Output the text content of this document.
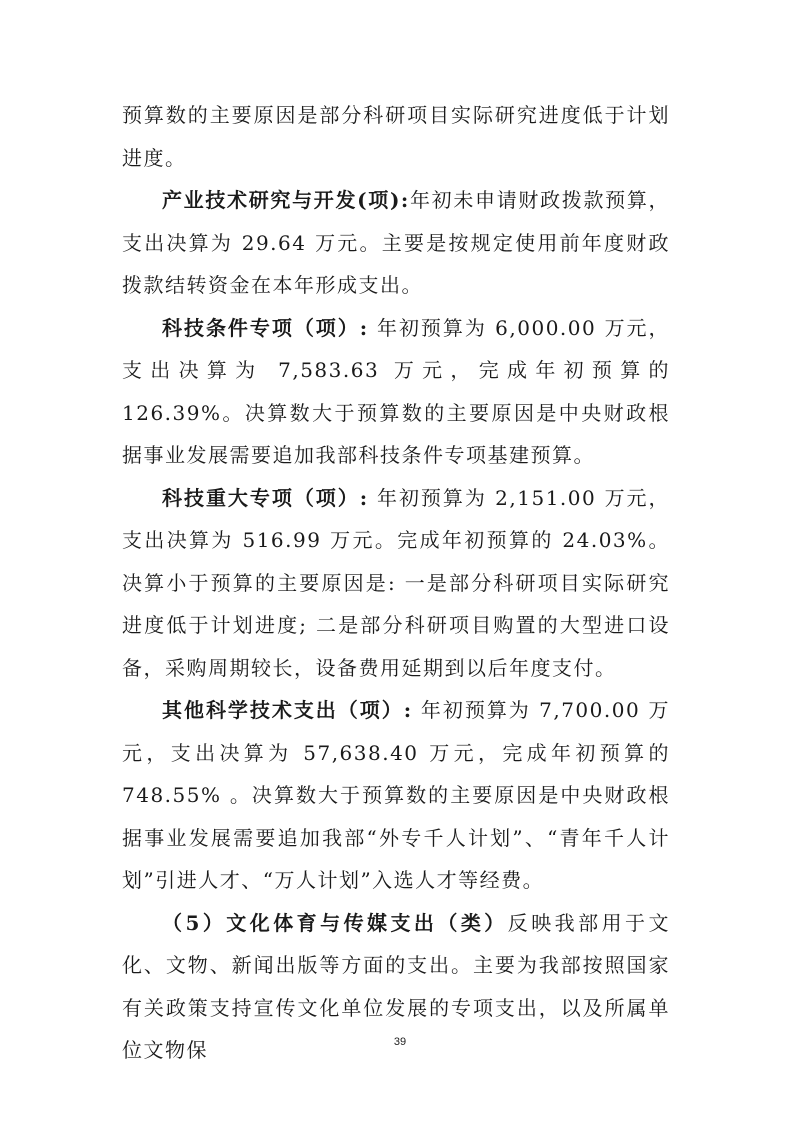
预算数的主要原因是部分科研项目实际研究进度低于计划进度。

产业技术研究与开发(项):年初未申请财政拨款预算，支出决算为 29.64 万元。主要是按规定使用前年度财政拨款结转资金在本年形成支出。

科技条件专项（项）: 年初预算为 6,000.00 万元，支出决算为 7,583.63 万元，完成年初预算的 126.39%。决算数大于预算数的主要原因是中央财政根据事业发展需要追加我部科技条件专项基建预算。

科技重大专项（项）: 年初预算为 2,151.00 万元，支出决算为 516.99 万元。完成年初预算的 24.03%。决算小于预算的主要原因是: 一是部分科研项目实际研究进度低于计划进度; 二是部分科研项目购置的大型进口设备，采购周期较长，设备费用延期到以后年度支付。

其他科学技术支出（项）: 年初预算为 7,700.00 万元，支出决算为 57,638.40 万元，完成年初预算的 748.55% 。决算数大于预算数的主要原因是中央财政根据事业发展需要追加我部“外专千人计划”、“青年千人计划”引进人才、“万人计划”入选人才等经费。

（5）文化体育与传媒支出（类）反映我部用于文化、文物、新闻出版等方面的支出。主要为我部按照国家有关政策支持宣传文化单位发展的专项支出，以及所属单位文物保	39
